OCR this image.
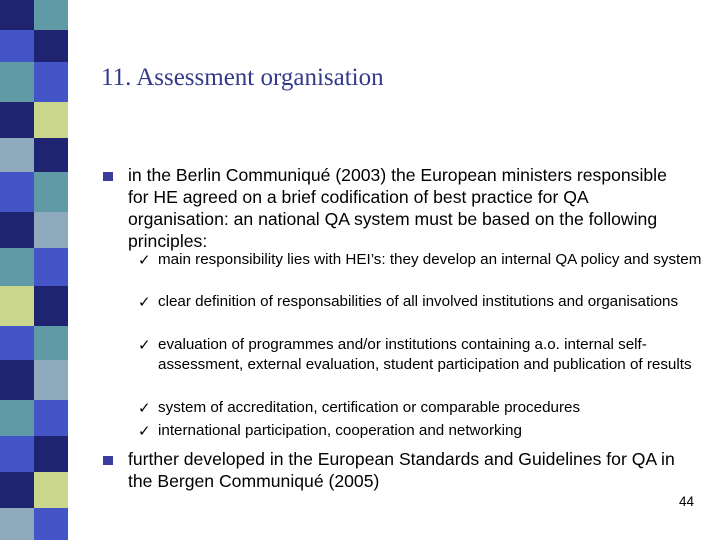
11. Assessment organisation
in the Berlin Communiqué (2003) the European ministers responsible for HE agreed on a brief codification of best practice for QA organisation: an national QA system must be based on the following principles:
✓ main responsibility lies with HEI’s: they develop an internal QA policy and system
✓ clear definition of responsabilities of all involved institutions and organisations
✓ evaluation of programmes and/or institutions containing a.o. internal self-assessment, external evaluation, student participation and publication of results
✓ system of accreditation, certification or comparable procedures
✓ international participation, cooperation and networking
further developed in the European Standards and Guidelines for QA in the Bergen Communiqué (2005)
44
